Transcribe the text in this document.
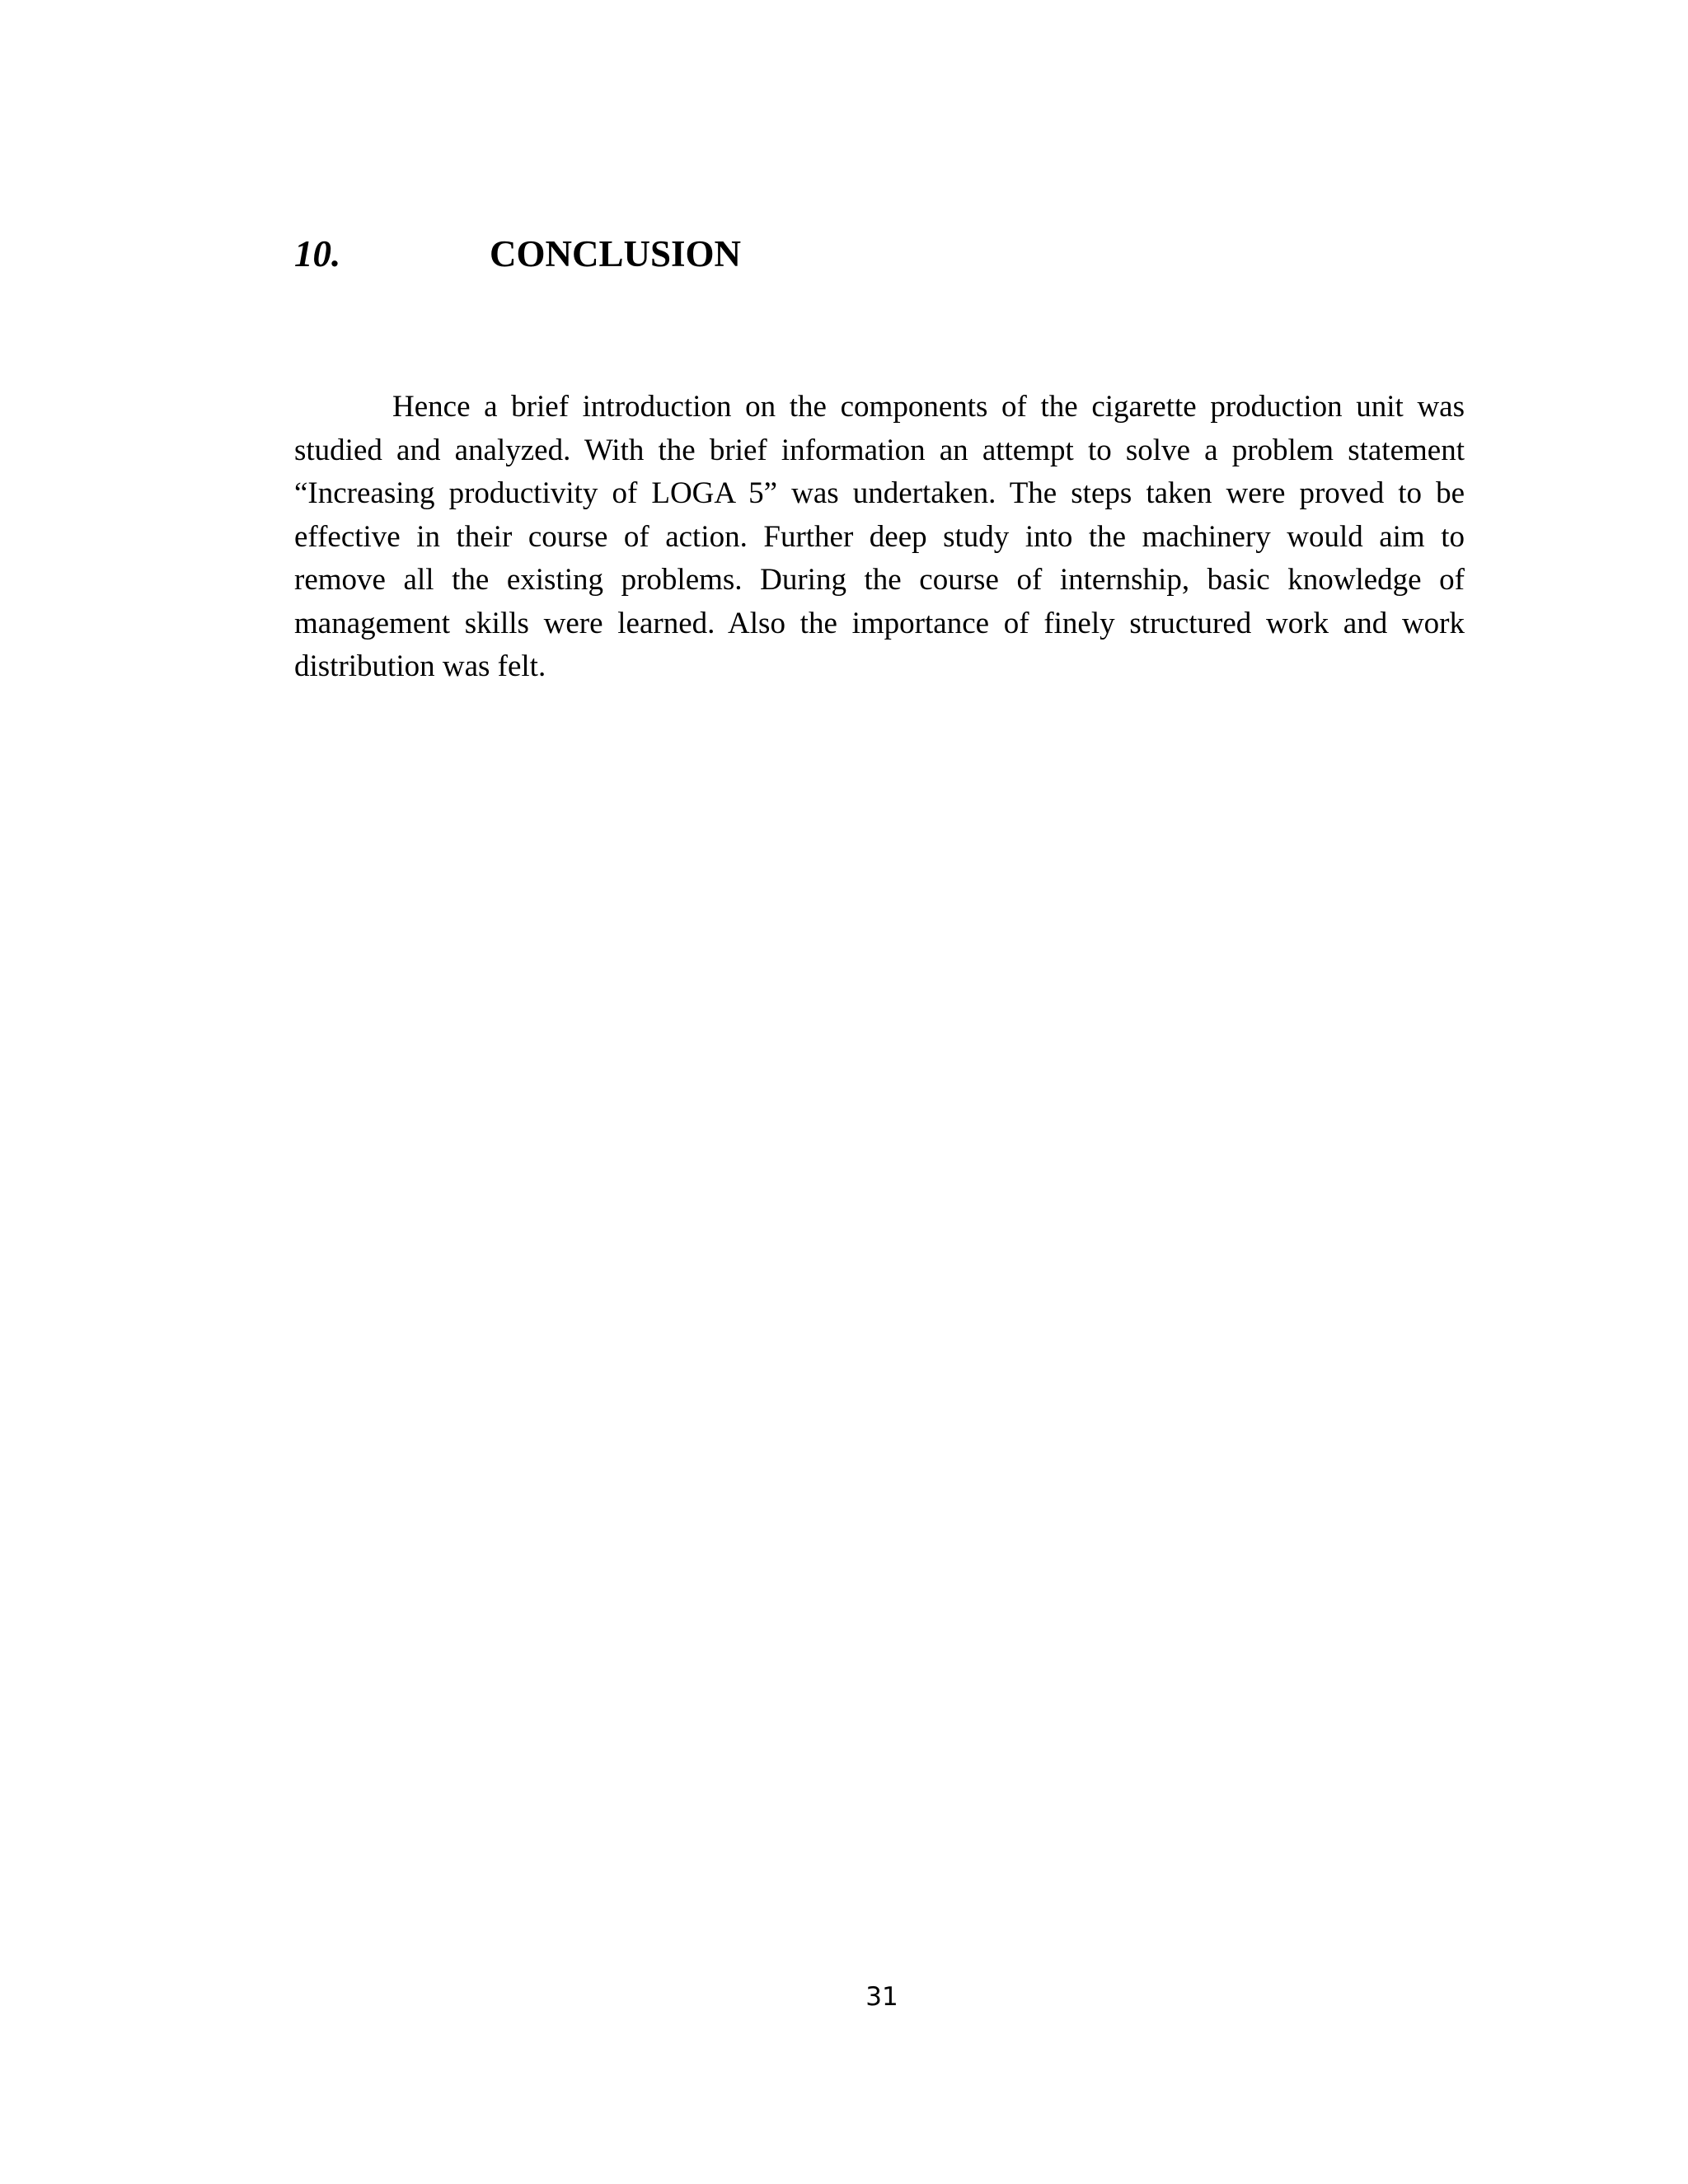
10.	CONCLUSION

Hence a brief introduction on the components of the cigarette production unit was
studied and analyzed. With the brief information an attempt to solve a problem statement
“Increasing productivity of LOGA 5” was undertaken. The steps taken were proved to be
effective in their course of action. Further deep study into the machinery would aim to
remove all the existing problems. During the course of internship, basic knowledge of
management skills were learned. Also the importance of finely structured work and work
distribution was felt.

31
